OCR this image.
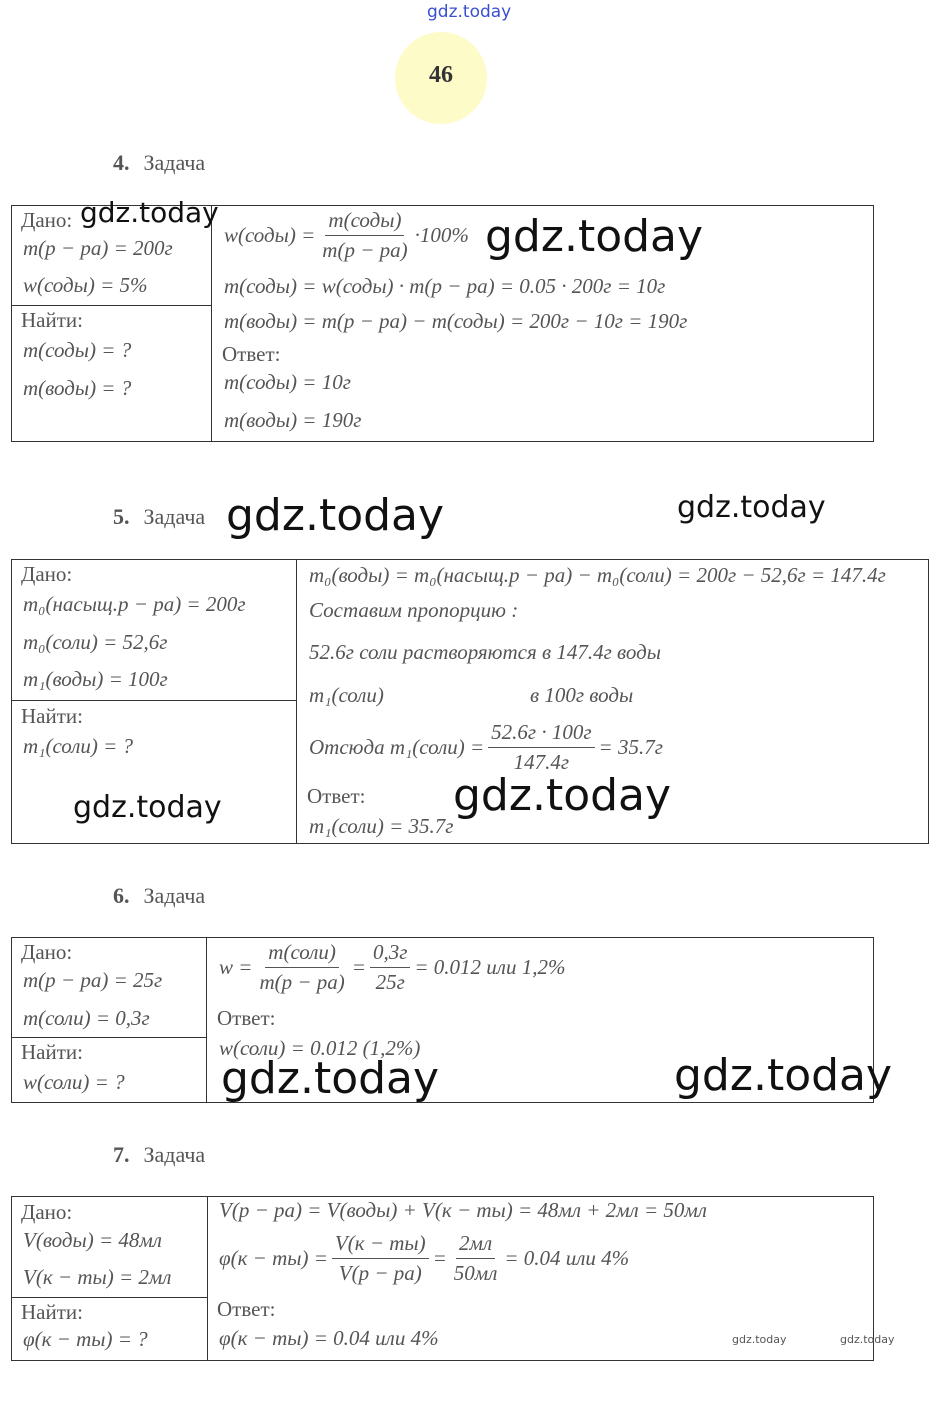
gdz.today
46
4. Задача
Дано:
m(p − pa) = 200г
w(соды) = 5%
Найти:
m(соды) = ?
m(воды) = ?
w(соды) = $\frac{\text{m(соды)}}{m(p - pa)} \cdot 100\%$
m(соды) = w(соды) · m(p − pa) = 0.05 · 200г = 10г
m(воды) = m(p − pa) − m(соды) = 200г − 10г = 190г
Ответ:
m(соды) = 10г
m(воды) = 190г
gdz.today	gdz.today
5. Задача gdz.today	gdz.today
Дано:
m₀(насыщ.p − pa) = 200г
m₀(соли) = 52,6г
m₁(воды) = 100г
Найти:
m₁(соли) = ?
gdz.today
m₀(воды) = m₀(насыщ.p − pa) − m₀(соли) = 200г − 52,6г = 147.4г
Составим пропорцию :
52.6г соли растворяются в 147.4г воды
m₁(соли)	в 100г воды
Отсюда m₁(соли) = $\frac{52.6г \cdot 100г}{147.4г} = 35.7г$
Ответ:
m₁(соли) = 35.7г
gdz.today
6. Задача
Дано:
m(p − pa) = 25г
m(соли) = 0,3г
Найти:
w(соли) = ?
$w = \frac{\text{m(соли)}}{m(p - pa)} = \frac{0,3г}{25г} = 0.012$ или 1,2%
Ответ:
w(соли) = 0.012 (1,2%)
gdz.today	gdz.today
7. Задача
Дано:
V(воды) = 48мл
V(к − ты) = 2мл
Найти:
φ(к − ты) = ?
V(p − pa) = V(воды) + V(к − ты) = 48мл + 2мл = 50мл
$\varphi(к - ты) = \frac{V(к - ты)}{V(p - pa)} = \frac{2мл}{50мл} = 0.04$ или 4%
Ответ:
φ(к − ты) = 0.04 или 4%	gdz.today	gdz.today
